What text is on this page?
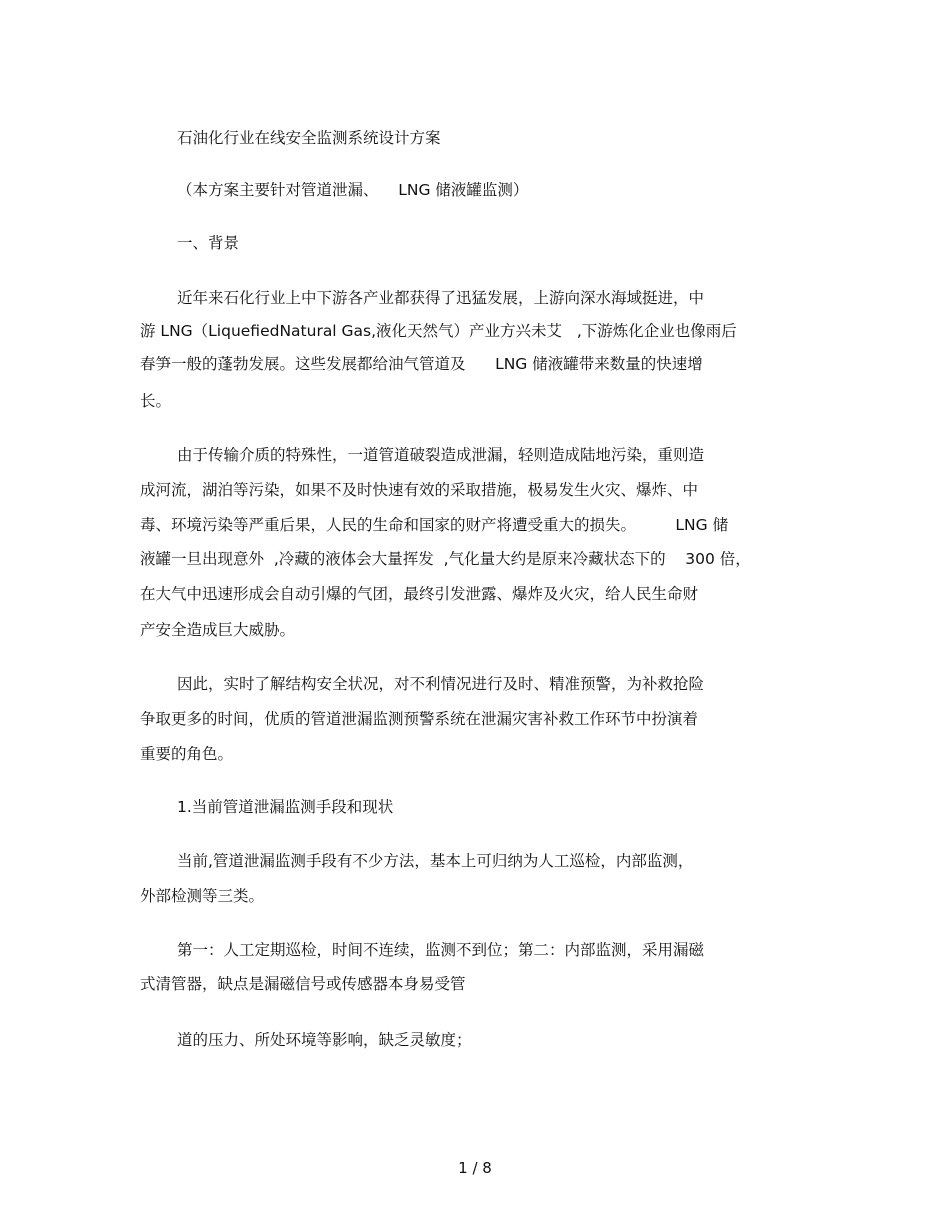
石油化行业在线安全监测系统设计方案

（本方案主要针对管道泄漏、    LNG 储液罐监测）

一、背景

近年来石化行业上中下游各产业都获得了迅猛发展，上游向深水海域挺进，中

游 LNG（LiquefiedNatural Gas,液化天然气）产业方兴未艾   ,下游炼化企业也像雨后

春笋一般的蓬勃发展。这些发展都给油气管道及      LNG 储液罐带来数量的快速增

长。

由于传输介质的特殊性，一道管道破裂造成泄漏，轻则造成陆地污染，重则造

成河流，湖泊等污染，如果不及时快速有效的采取措施，极易发生火灾、爆炸、中

毒、环境污染等严重后果，人民的生命和国家的财产将遭受重大的损失。        LNG 储

液罐一旦出现意外  ,冷藏的液体会大量挥发  ,气化量大约是原来冷藏状态下的    300 倍，

在大气中迅速形成会自动引爆的气团，最终引发泄露、爆炸及火灾，给人民生命财

产安全造成巨大威胁。

因此，实时了解结构安全状况，对不利情况进行及时、精准预警，为补救抢险

争取更多的时间，优质的管道泄漏监测预警系统在泄漏灾害补救工作环节中扮演着

重要的角色。

1.当前管道泄漏监测手段和现状

当前,管道泄漏监测手段有不少方法，基本上可归纳为人工巡检，内部监测，

外部检测等三类。

第一：人工定期巡检，时间不连续，监测不到位；第二：内部监测，采用漏磁

式清管器，缺点是漏磁信号或传感器本身易受管

道的压力、所处环境等影响，缺乏灵敏度；

1 / 8
